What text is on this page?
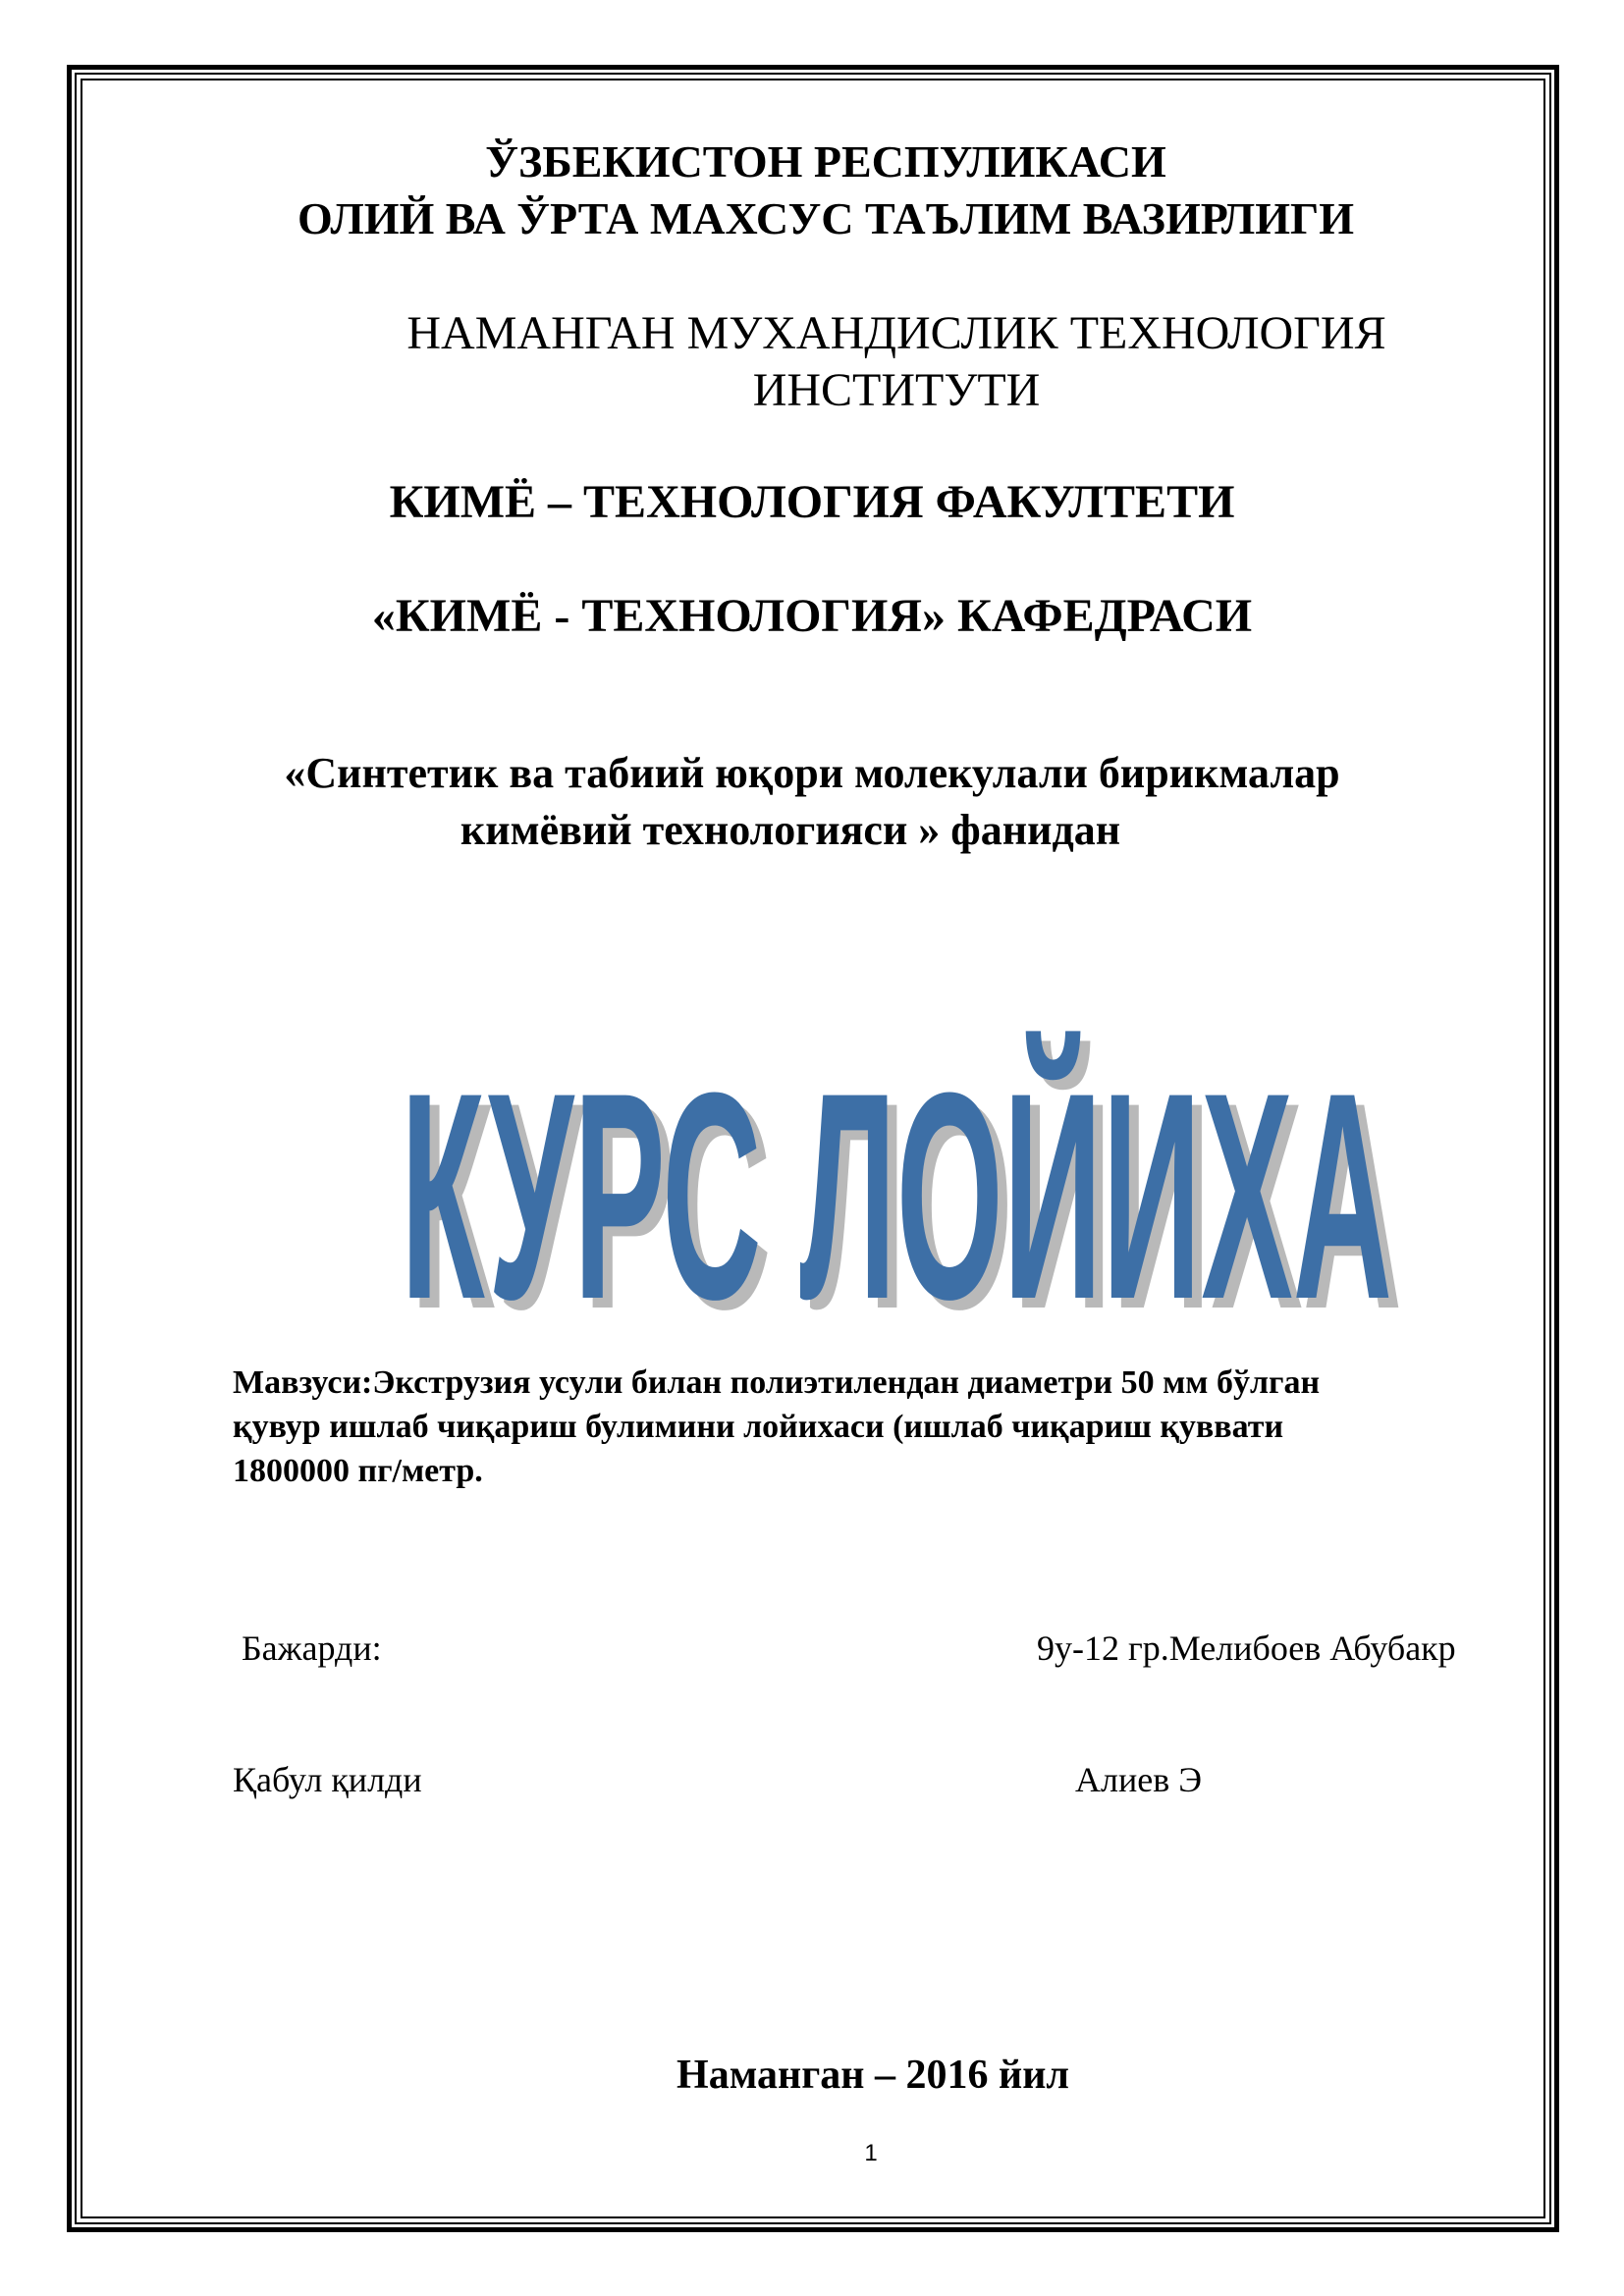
ЎЗБЕКИСТОН РЕСПУЛИКАСИ
ОЛИЙ ВА ЎРТА МАХСУС ТАЪЛИМ ВАЗИРЛИГИ
НАМАНГАН МУХАНДИСЛИК ТЕХНОЛОГИЯ
ИНСТИТУТИ
КИМЁ – ТЕХНОЛОГИЯ ФАКУЛТЕТИ
«КИМЁ - ТЕХНОЛОГИЯ» КАФЕДРАСИ
«Синтетик ва табиий юқори молекулали бирикмалар
кимёвий технологияси » фанидан
КУРС ЛОЙИХА
КУРС ЛОЙИХА
Мавзуси:Экструзия усули билан полиэтилендан диаметри 50 мм бўлган
қувур ишлаб чиқариш булимини лойихаси (ишлаб чиқариш қуввати
1800000 пг/метр.
Бажарди:	9у-12 гр.Мелибоев Абубакр
Қабул қилди	Алиев Э
Наманган – 2016 йил
1
